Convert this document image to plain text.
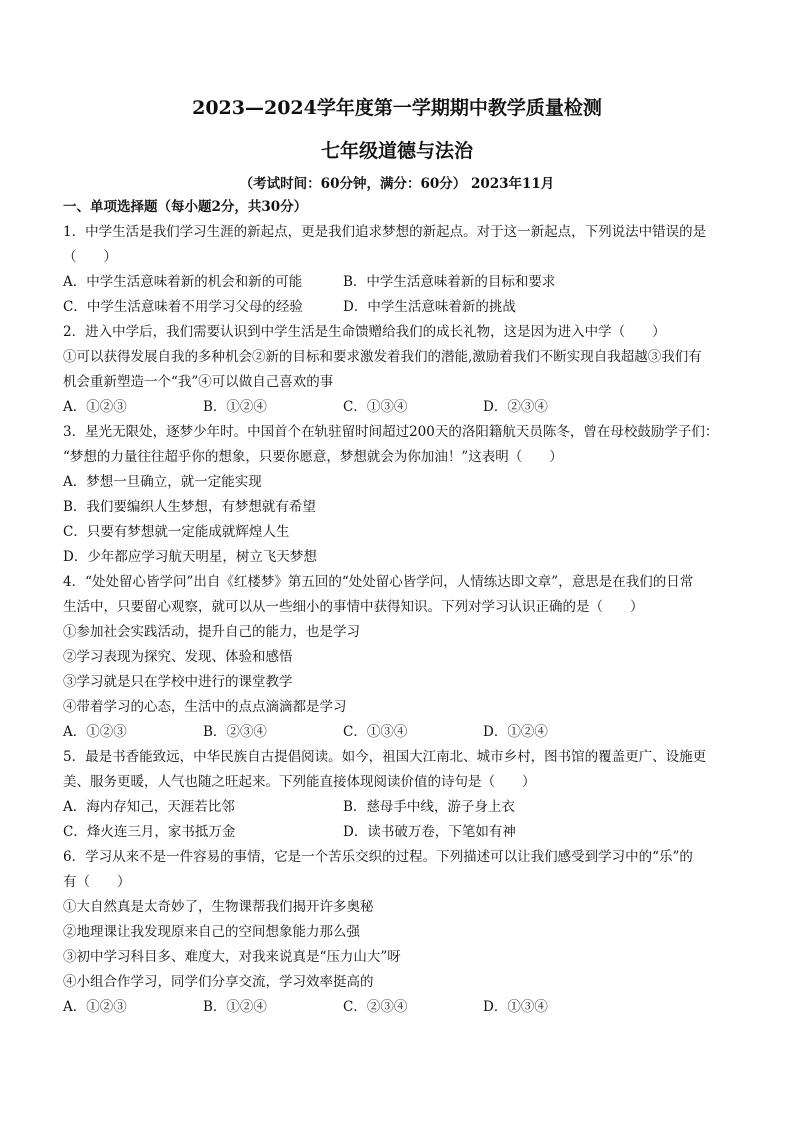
2023—2024学年度第一学期期中教学质量检测
七年级道德与法治
（考试时间：60分钟，满分：60分） 2023年11月
一、单项选择题（每小题2分，共30分）
1．中学生活是我们学习生涯的新起点，更是我们追求梦想的新起点。对于这一新起点，下列说法中错误的是
（　　）
A．中学生活意味着新的机会和新的可能	B．中学生活意味着新的目标和要求
C．中学生活意味着不用学习父母的经验	D．中学生活意味着新的挑战
2．进入中学后，我们需要认识到中学生活是生命馈赠给我们的成长礼物，这是因为进入中学（　　）
①可以获得发展自我的多种机会②新的目标和要求激发着我们的潜能,激励着我们不断实现自我超越③我们有
机会重新塑造一个“我”④可以做自己喜欢的事
A．①②③	B．①②④	C．①③④	D．②③④
3．星光无限处，逐梦少年时。中国首个在轨驻留时间超过200天的洛阳籍航天员陈冬，曾在母校鼓励学子们：
“梦想的力量往往超乎你的想象，只要你愿意，梦想就会为你加油！”这表明（　　）
A．梦想一旦确立，就一定能实现
B．我们要编织人生梦想，有梦想就有希望
C．只要有梦想就一定能成就辉煌人生
D．少年都应学习航天明星，树立飞天梦想
4．“处处留心皆学问”出自《红楼梦》第五回的“处处留心皆学问，人情练达即文章”，意思是在我们的日常
生活中，只要留心观察，就可以从一些细小的事情中获得知识。下列对学习认识正确的是（　　）
①参加社会实践活动，提升自己的能力，也是学习
②学习表现为探究、发现、体验和感悟
③学习就是只在学校中进行的课堂教学
④带着学习的心态，生活中的点点滴滴都是学习
A．①②③	B．②③④	C．①③④	D．①②④
5．最是书香能致远，中华民族自古提倡阅读。如今，祖国大江南北、城市乡村，图书馆的覆盖更广、设施更
美、服务更暖，人气也随之旺起来。下列能直接体现阅读价值的诗句是（　　）
A．海内存知己，天涯若比邻	B．慈母手中线，游子身上衣
C．烽火连三月，家书抵万金	D．读书破万卷，下笔如有神
6．学习从来不是一件容易的事情，它是一个苦乐交织的过程。下列描述可以让我们感受到学习中的“乐”的
有（　　）
①大自然真是太奇妙了，生物课帮我们揭开许多奥秘
②地理课让我发现原来自己的空间想象能力那么强
③初中学习科目多、难度大，对我来说真是“压力山大”呀
④小组合作学习，同学们分享交流，学习效率挺高的
A．①②③	B．①②④	C．②③④	D．①③④
